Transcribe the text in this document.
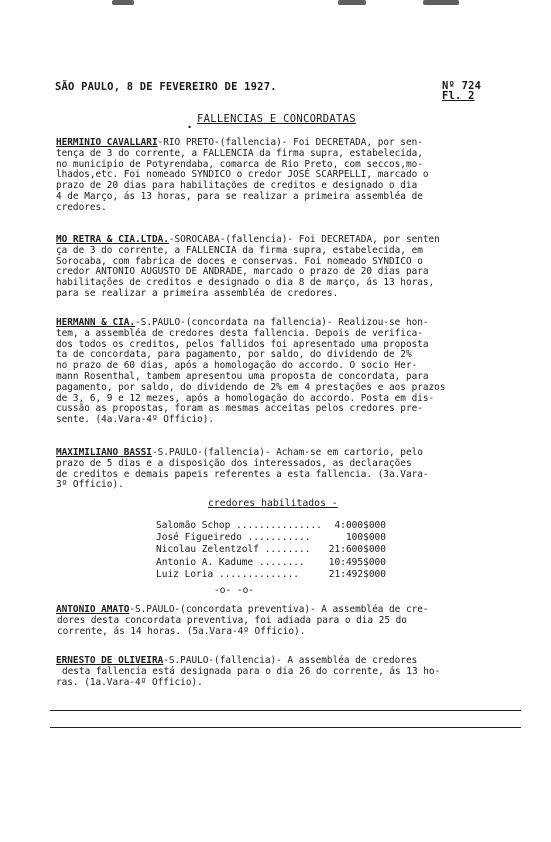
SÃO PAULO, 8 DE FEVEREIRO DE 1927.	Nº 724
Fl. 2
. FALLENCIAS E CONCORDATAS

HERMINIO CAVALLARI-RIO PRETO-(fallencia)- Foi DECRETADA, por sen-

tença de 3 do corrente, a FALLENCIA da firma supra, estabelecida,

no municipio de Potyrendaba, comarca de Rio Preto, com seccos,mo-

lhados,etc. Foi nomeado SYNDICO o credor JOSÉ SCARPELLI, marcado o

prazo de 20 dias para habilitações de creditos e designado o dia

4 de Março, ás 13 horas, para se realizar a primeira assembléa de

credores.

MO RETRA & CIA.LTDA.-SOROCABA-(fallencia)- Foi DECRETADA, por senten

ça de 3 do corrente, a FALLENCIA da firma supra, estabelecida, em

Sorocaba, com fabrica de doces e conservas. Foi nomeado SYNDICO o

credor ANTONIO AUGUSTO DE ANDRADE, marcado o prazo de 20 dias para

habilitações de creditos e designado o dia 8 de março, ás 13 horas,

para se realizar a primeira assembléa de credores.

HERMANN & CIA.-S.PAULO-(concordata na fallencia)- Realizou-se hon-

tem, a assembléa de credores desta fallencia. Depois de verifica-

dos todos os creditos, pelos fallidos foi apresentado uma proposta

ta de concordata, para pagamento, por saldo, do dividendo de 2%

no prazo de 60 dias, após a homologação do accordo. O socio Her-

mann Rosenthal, tambem apresentou uma proposta de concordata, para

pagamento, por saldo, do dividendo de 2% em 4 prestações e aos prazos

de 3, 6, 9 e 12 mezes, após a homologação do accordo. Posta em dis-

cussão as propostas, foram as mesmas acceitas pelos credores pre-

sente. (4a.Vara-4º Officio).

MAXIMILIANO BASSI-S.PAULO-(fallencia)- Acham-se em cartorio, pelo

prazo de 5 dias e a disposição dos interessados, as declarações

de creditos e demais papeis referentes a esta fallencia. (3a.Vara-

3º Officio).

credores habilitados -
Salomão Schop ............... 4:000$000
José Figueiredo ...........	100$000
Nicolau Zelentzolf ........ 21:600$000
Antonio A. Kadume ........	10:495$000
Luiz Loria ..............	21:492$000
-o- -o-

ANTONIO AMATO-S.PAULO-(concordata preventiva)- A assembléa de cre-

dores desta concordata preventiva, foi adiada para o dia 25 do

corrente, ás 14 horas. (5a.Vara-4º Officio).

ERNESTO DE OLIVEIRA-S.PAULO-(fallencia)- A assembléa de credores

desta fallencia está designada para o dia 26 do corrente, ás 13 ho-

ras. (1a.Vara-4º Officio).
